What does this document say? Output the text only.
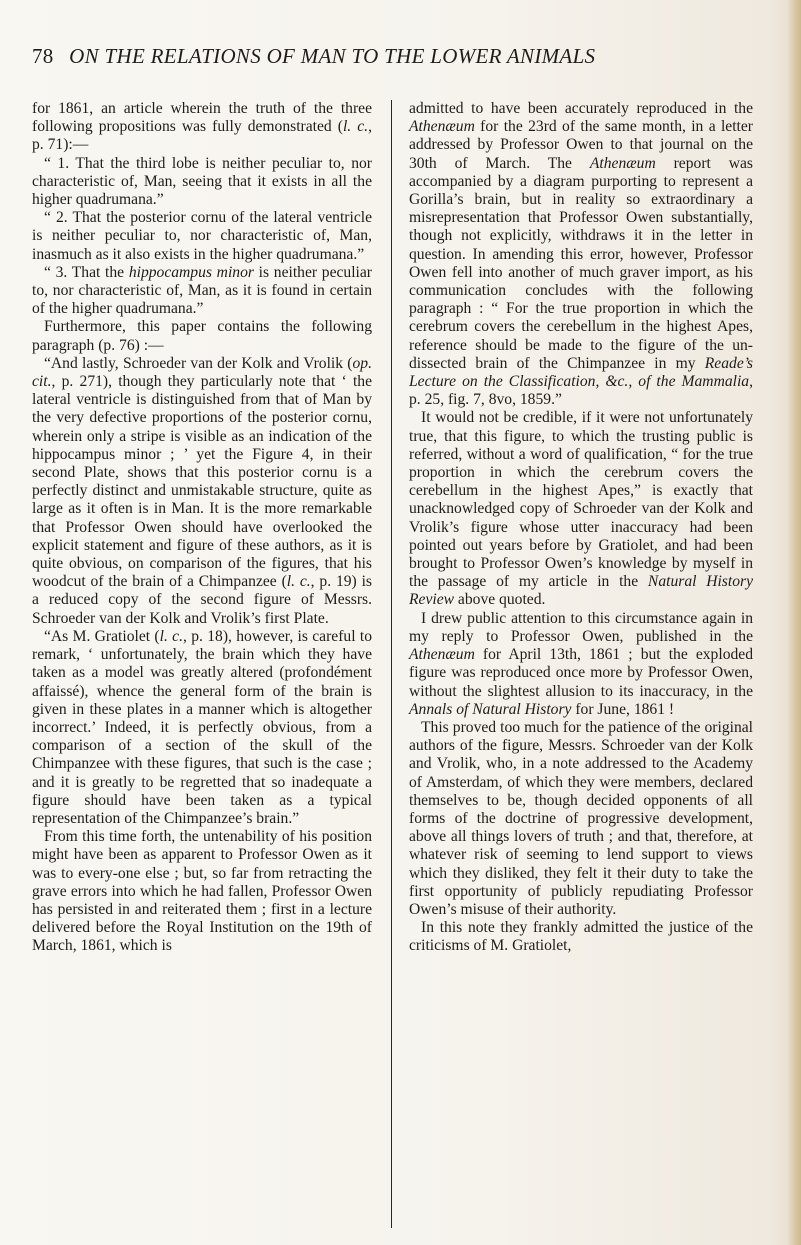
78 ON THE RELATIONS OF MAN TO THE LOWER ANIMALS

for 1861, an article wherein the truth of the three following propositions was fully demonstrated (l. c., p. 71):—

“ 1. That the third lobe is neither peculiar to, nor characteristic of, Man, seeing that it exists in all the higher quadrumana.”

“ 2. That the posterior cornu of the lateral ventricle is neither peculiar to, nor characteristic of, Man, inasmuch as it also exists in the higher quadrumana.”

“ 3. That the hippocampus minor is neither peculiar to, nor characteristic of, Man, as it is found in certain of the higher quadrumana.”

Furthermore, this paper contains the following paragraph (p. 76) :—

“And lastly, Schroeder van der Kolk and Vrolik (op. cit., p. 271), though they particularly note that ‘ the lateral ventricle is distinguished from that of Man by the very defective proportions of the posterior cornu, wherein only a stripe is visible as an indication of the hippocampus minor ; ’ yet the Figure 4, in their second Plate, shows that this posterior cornu is a perfectly distinct and unmistakable structure, quite as large as it often is in Man. It is the more remarkable that Professor Owen should have overlooked the explicit statement and figure of these authors, as it is quite obvious, on comparison of the figures, that his woodcut of the brain of a Chimpanzee (l. c., p. 19) is a reduced copy of the second figure of Messrs. Schroeder van der Kolk and Vrolik’s first Plate.

“As M. Gratiolet (l. c., p. 18), however, is careful to remark, ‘ unfortunately, the brain which they have taken as a model was greatly altered (profondément affaissé), whence the general form of the brain is given in these plates in a manner which is altogether incorrect.’ Indeed, it is perfectly obvious, from a comparison of a section of the skull of the Chimpanzee with these figures, that such is the case ; and it is greatly to be regretted that so inadequate a figure should have been taken as a typical representation of the Chimpanzee’s brain.”

From this time forth, the untenability of his position might have been as apparent to Professor Owen as it was to every-one else ; but, so far from retracting the grave errors into which he had fallen, Professor Owen has persisted in and reiterated them ; first in a lecture delivered before the Royal Institution on the 19th of March, 1861, which is

admitted to have been accurately reproduced in the Athenæum for the 23rd of the same month, in a letter addressed by Professor Owen to that journal on the 30th of March. The Athenæum report was accompanied by a diagram purporting to represent a Gorilla’s brain, but in reality so extraordinary a misrepresentation that Professor Owen substantially, though not explicitly, withdraws it in the letter in question. In amending this error, however, Professor Owen fell into another of much graver import, as his communication concludes with the following paragraph : “ For the true proportion in which the cerebrum covers the cerebellum in the highest Apes, reference should be made to the figure of the un-dissected brain of the Chimpanzee in my Reade’s Lecture on the Classification, &c., of the Mammalia, p. 25, fig. 7, 8vo, 1859.”

It would not be credible, if it were not unfortunately true, that this figure, to which the trusting public is referred, without a word of qualification, “ for the true proportion in which the cerebrum covers the cerebellum in the highest Apes,” is exactly that unacknowledged copy of Schroeder van der Kolk and Vrolik’s figure whose utter inaccuracy had been pointed out years before by Gratiolet, and had been brought to Professor Owen’s knowledge by myself in the passage of my article in the Natural History Review above quoted.

I drew public attention to this circumstance again in my reply to Professor Owen, published in the Athenæum for April 13th, 1861 ; but the exploded figure was reproduced once more by Professor Owen, without the slightest allusion to its inaccuracy, in the Annals of Natural History for June, 1861 !

This proved too much for the patience of the original authors of the figure, Messrs. Schroeder van der Kolk and Vrolik, who, in a note addressed to the Academy of Amsterdam, of which they were members, declared themselves to be, though decided opponents of all forms of the doctrine of progressive development, above all things lovers of truth ; and that, therefore, at whatever risk of seeming to lend support to views which they disliked, they felt it their duty to take the first opportunity of publicly repudiating Professor Owen’s misuse of their authority.

In this note they frankly admitted the justice of the criticisms of M. Gratiolet,
